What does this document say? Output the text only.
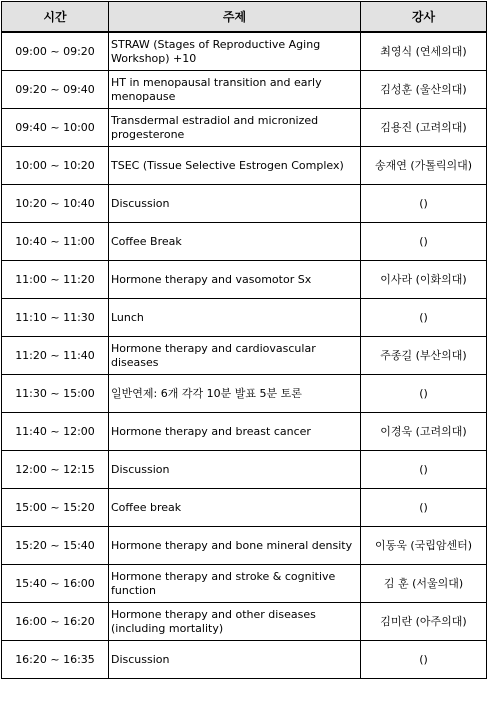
시간	주제	강사
09:00 ~ 09:20	STRAW (Stages of Reproductive Aging Workshop) +10	최영식 (연세의대)
09:20 ~ 09:40	HT in menopausal transition and early menopause	김성훈 (울산의대)
09:40 ~ 10:00	Transdermal estradiol and micronized progesterone	김용진 (고려의대)
10:00 ~ 10:20	TSEC (Tissue Selective Estrogen Complex)	송재연 (가톨릭의대)
10:20 ~ 10:40	Discussion	()
10:40 ~ 11:00	Coffee Break	()
11:00 ~ 11:20	Hormone therapy and vasomotor Sx	이사라 (이화의대)
11:10 ~ 11:30	Lunch	()
11:20 ~ 11:40	Hormone therapy and cardiovascular diseases	주종길 (부산의대)
11:30 ~ 15:00	일반연제: 6개 각각 10분 발표 5분 토론	()
11:40 ~ 12:00	Hormone therapy and breast cancer	이경욱 (고려의대)
12:00 ~ 12:15	Discussion	()
15:00 ~ 15:20	Coffee break	()
15:20 ~ 15:40	Hormone therapy and bone mineral density	이동욱 (국립암센터)
15:40 ~ 16:00	Hormone therapy and stroke & cognitive function	김 훈 (서울의대)
16:00 ~ 16:20	Hormone therapy and other diseases (including mortality)	김미란 (아주의대)
16:20 ~ 16:35	Discussion	()
